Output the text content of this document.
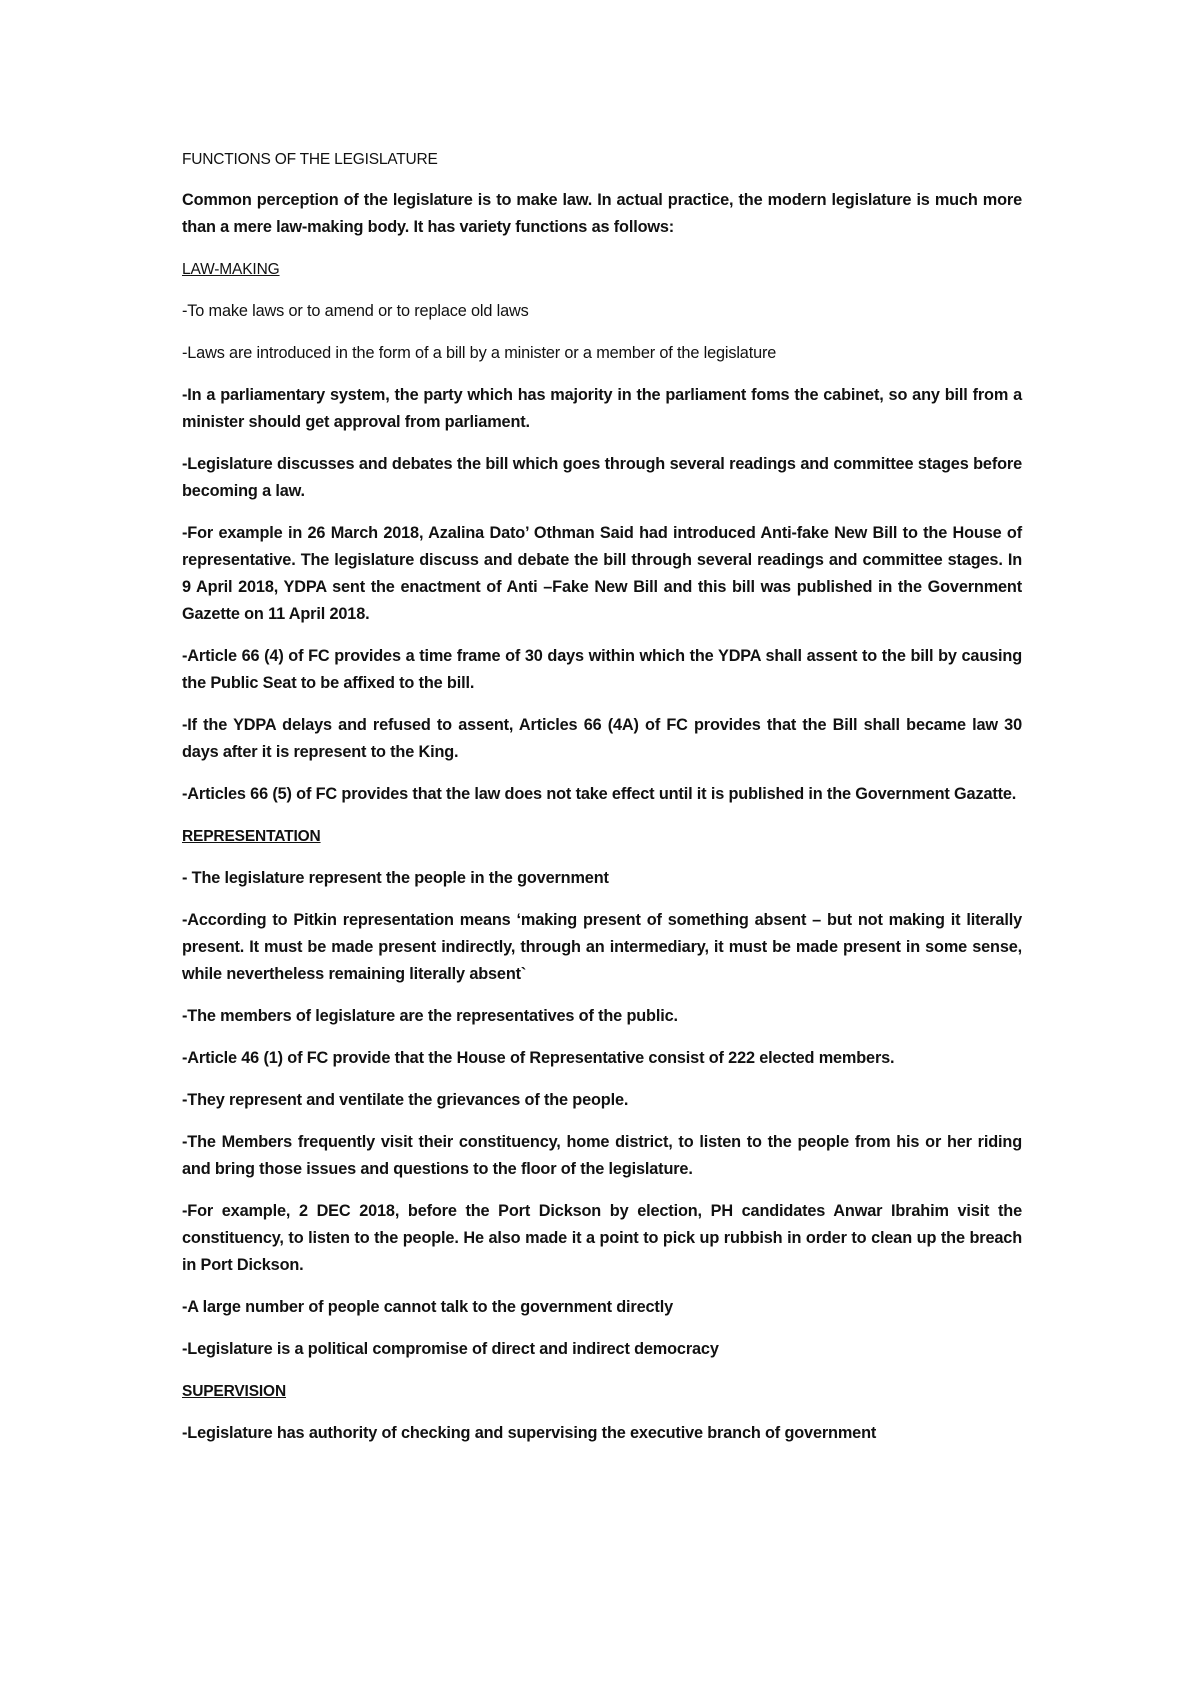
FUNCTIONS OF THE LEGISLATURE

Common perception of the legislature is to make law. In actual practice, the modern legislature is much more than a mere law-making body. It has variety functions as follows:

LAW-MAKING

-To make laws or to amend or to replace old laws

-Laws are introduced in the form of a bill by a minister or a member of the legislature

-In a parliamentary system, the party which has majority in the parliament foms the cabinet, so any bill from a minister should get approval from parliament.

-Legislature discusses and debates the bill which goes through several readings and committee stages before becoming a law.

-For example in 26 March 2018, Azalina Dato’ Othman Said had introduced Anti-fake New Bill to the House of representative. The legislature discuss and debate the bill through several readings and committee stages. In 9 April 2018, YDPA sent the enactment of Anti –Fake New Bill and this bill was published in the Government Gazette on 11 April 2018.

-Article 66 (4) of FC provides a time frame of 30 days within which the YDPA shall assent to the bill by causing the Public Seat to be affixed to the bill.

-If the YDPA delays and refused to assent, Articles 66 (4A) of FC provides that the Bill shall became law 30 days after it is represent to the King.

-Articles 66 (5) of FC provides that the law does not take effect until it is published in the Government Gazatte.

REPRESENTATION

- The legislature represent the people in the government

-According to Pitkin representation means ‘making present of something absent – but not making it literally present. It must be made present indirectly, through an intermediary, it must be made present in some sense, while nevertheless remaining literally absent`

-The members of legislature are the representatives of the public.

-Article 46 (1) of FC provide that the House of Representative consist of 222 elected members.

-They represent and ventilate the grievances of the people.

-The Members frequently visit their constituency, home district, to listen to the people from his or her riding and bring those issues and questions to the floor of the legislature.

-For example, 2 DEC 2018, before the Port Dickson by election, PH candidates Anwar Ibrahim visit the constituency, to listen to the people. He also made it a point to pick up rubbish in order to clean up the breach in Port Dickson.

-A large number of people cannot talk to the government directly

-Legislature is a political compromise of direct and indirect democracy

SUPERVISION

-Legislature has authority of checking and supervising the executive branch of government
